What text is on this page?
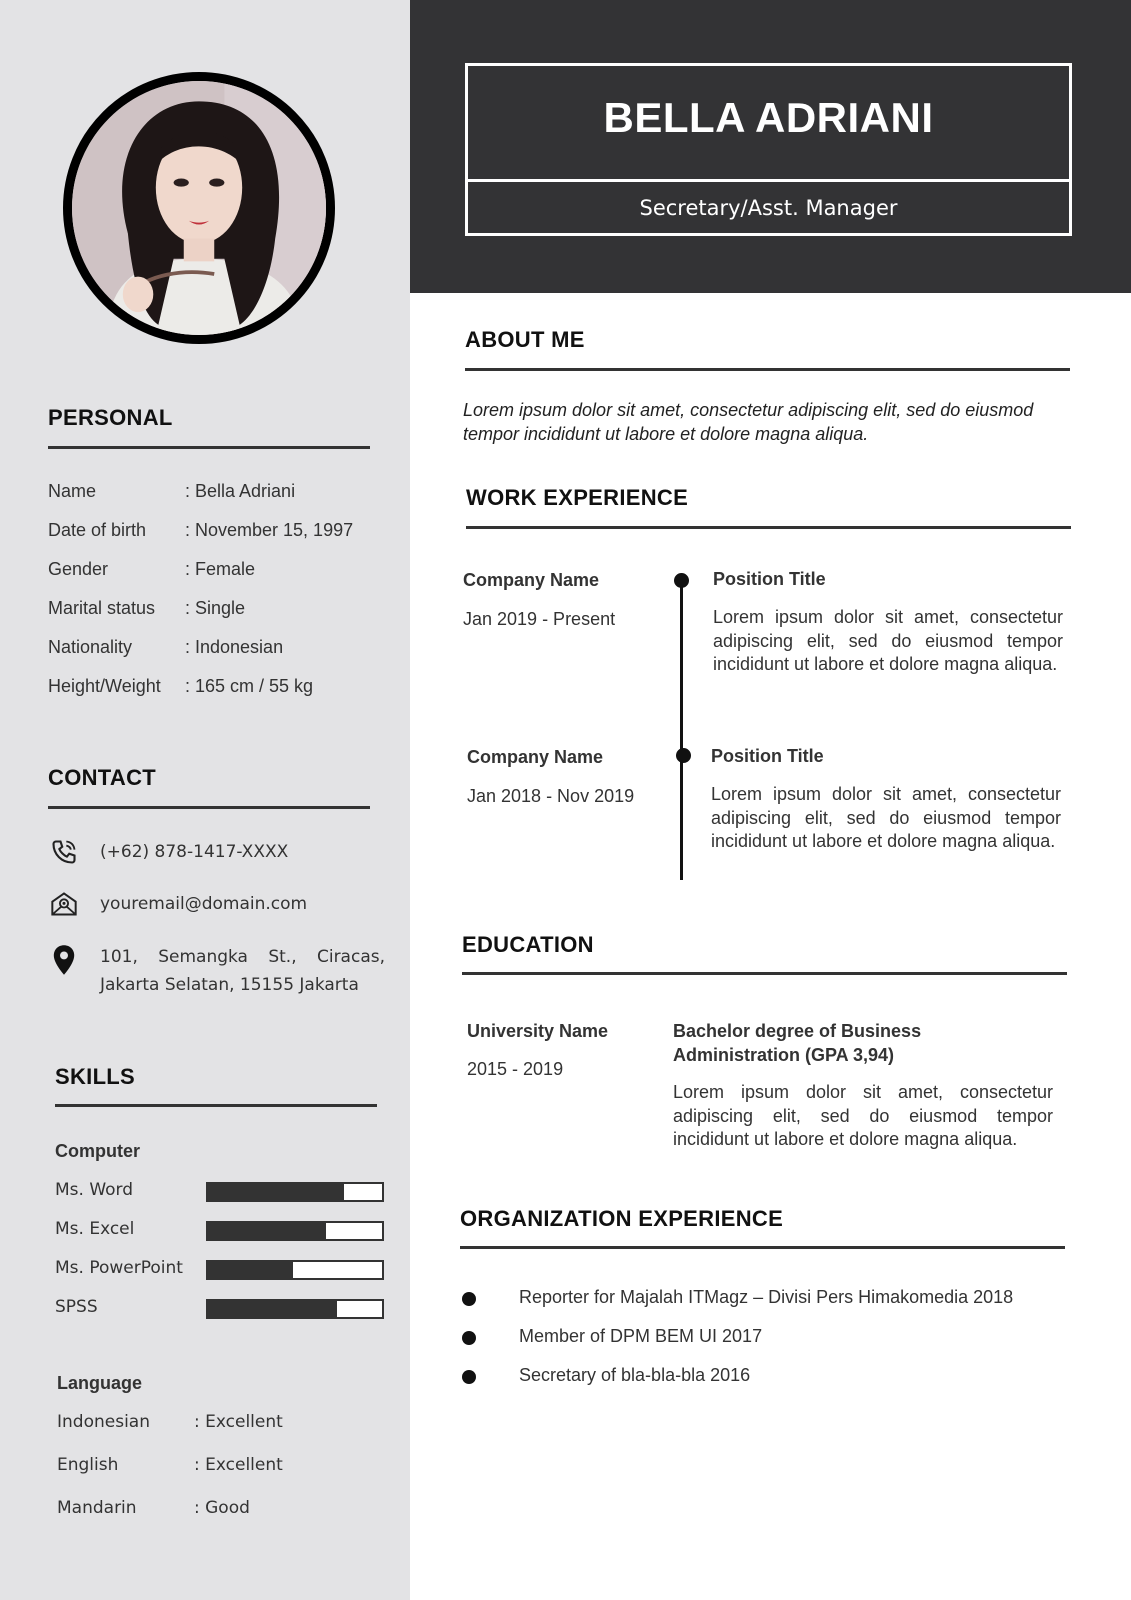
PERSONAL
Name	: Bella Adriani
Date of birth	: November 15, 1997
Gender	: Female
Marital status	: Single
Nationality	: Indonesian
Height/Weight	: 165 cm / 55 kg
CONTACT
(+62) 878-1417-XXXX
youremail@domain.com
101, Semangka St., Ciracas, Jakarta Selatan, 15155 Jakarta
SKILLS
Computer
Ms. Word
Ms. Excel
Ms. PowerPoint
SPSS
Language
Indonesian	: Excellent
English	: Excellent
Mandarin	: Good
BELLA ADRIANI
Secretary/Asst. Manager
ABOUT ME
Lorem ipsum dolor sit amet, consectetur adipiscing elit, sed do eiusmod tempor incididunt ut labore et dolore magna aliqua.
WORK EXPERIENCE
Company Name
Jan 2019 - Present
Position Title
Lorem ipsum dolor sit amet, consectetur adipiscing elit, sed do eiusmod tempor incididunt ut labore et dolore magna aliqua.
Company Name
Jan 2018 - Nov 2019
Position Title
Lorem ipsum dolor sit amet, consectetur adipiscing elit, sed do eiusmod tempor incididunt ut labore et dolore magna aliqua.
EDUCATION
University Name
2015 - 2019
Bachelor degree of Business Administration (GPA 3,94)
Lorem ipsum dolor sit amet, consectetur adipiscing elit, sed do eiusmod tempor incididunt ut labore et dolore magna aliqua.
ORGANIZATION EXPERIENCE
Reporter for Majalah ITMagz – Divisi Pers Himakomedia 2018
Member of DPM BEM UI 2017
Secretary of bla-bla-bla 2016
